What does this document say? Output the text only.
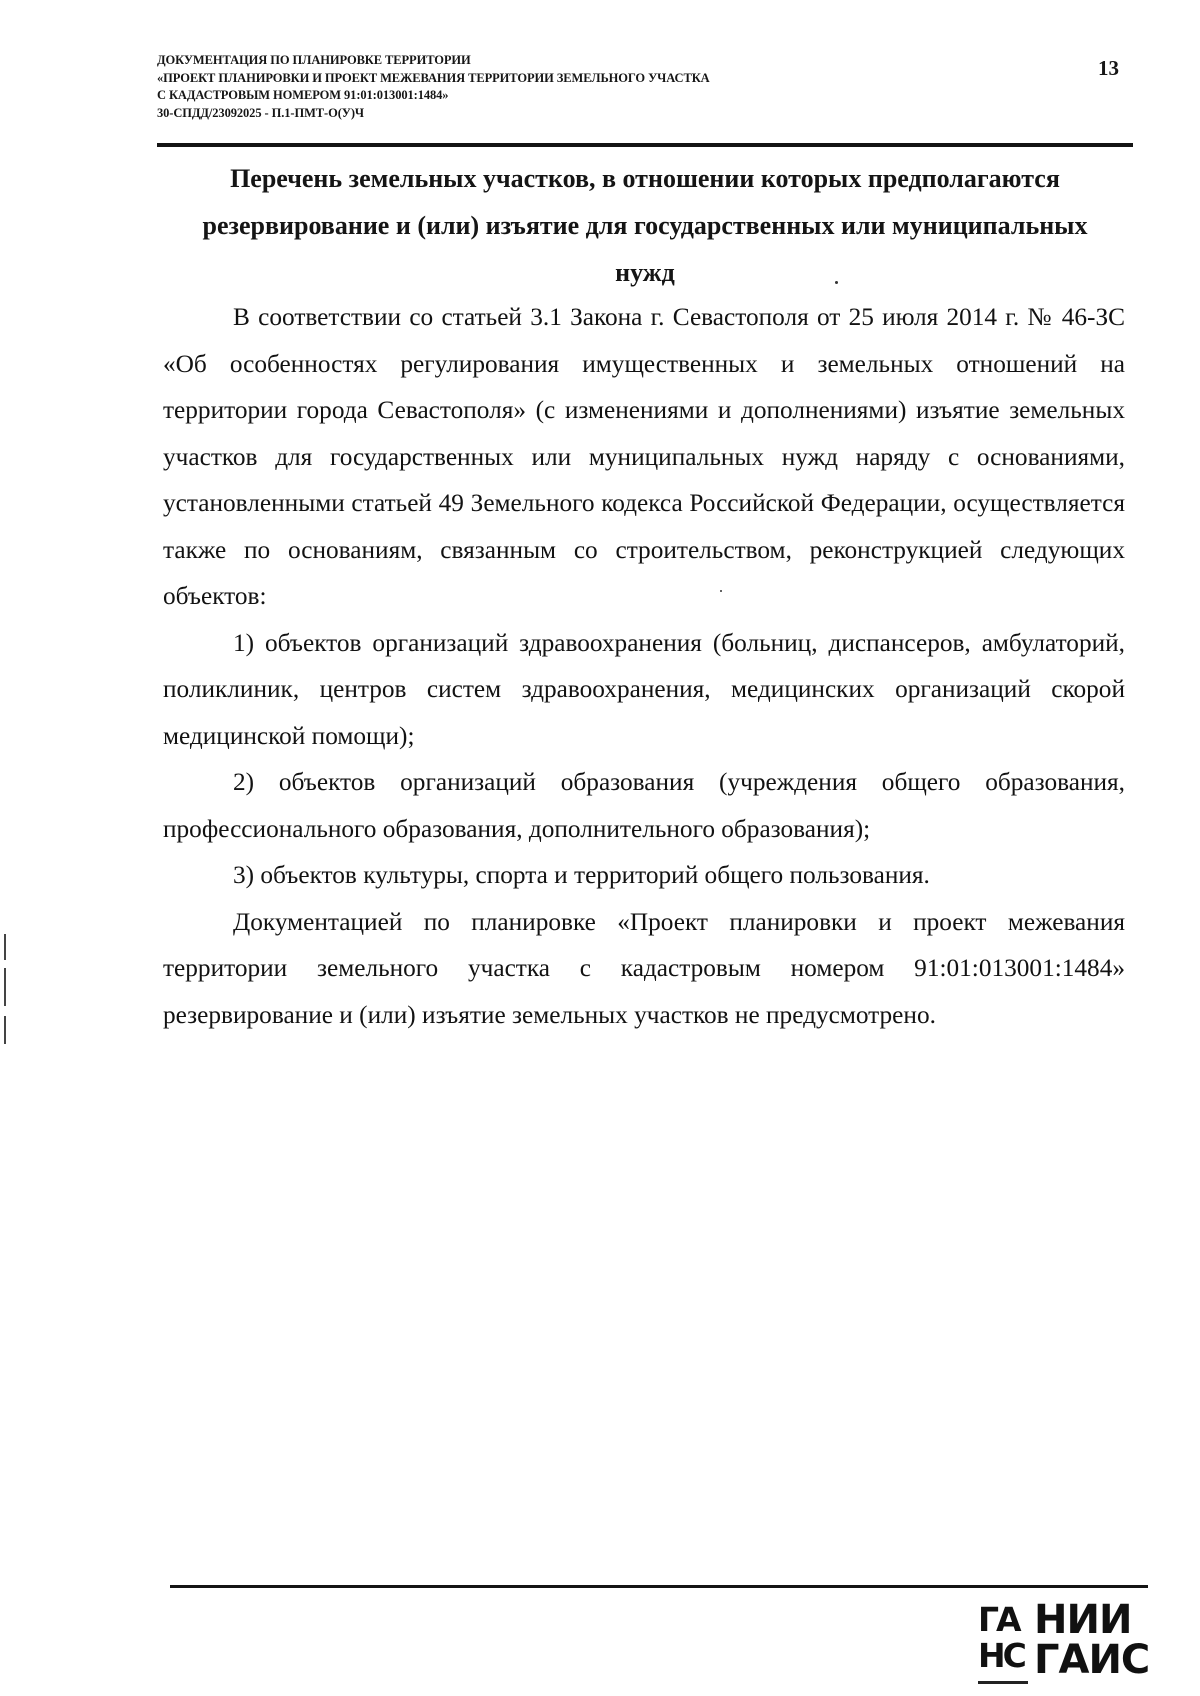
ДОКУМЕНТАЦИЯ ПО ПЛАНИРОВКЕ ТЕРРИТОРИИ
«ПРОЕКТ ПЛАНИРОВКИ И ПРОЕКТ МЕЖЕВАНИЯ ТЕРРИТОРИИ ЗЕМЕЛЬНОГО УЧАСТКА
С КАДАСТРОВЫМ НОМЕРОМ 91:01:013001:1484»
30-СПДД/23092025 - П.1-ПМТ-О(У)Ч
13
Перечень земельных участков, в отношении которых предполагаются
резервирование и (или) изъятие для государственных или муниципальных
нужд

В соответствии со статьей 3.1 Закона г. Севастополя от 25 июля 2014 г. № 46-ЗС «Об особенностях регулирования имущественных и земельных отношений на территории города Севастополя» (с изменениями и дополнениями) изъятие земельных участков для государственных или муниципальных нужд наряду с основаниями, установленными статьей 49 Земельного кодекса Российской Федерации, осуществляется также по основаниям, связанным со строительством, реконструкцией следующих объектов:

1) объектов организаций здравоохранения (больниц, диспансеров, амбулаторий, поликлиник, центров систем здравоохранения, медицинских организаций скорой медицинской помощи);

2) объектов организаций образования (учреждения общего образования, профессионального образования, дополнительного образования);

3) объектов культуры, спорта и территорий общего пользования.

Документацией по планировке «Проект планировки и проект межевания территории земельного участка с кадастровым номером 91:01:013001:1484» резервирование и (или) изъятие земельных участков не предусмотрено.

ГА
НС
НИИ
ГАИС
